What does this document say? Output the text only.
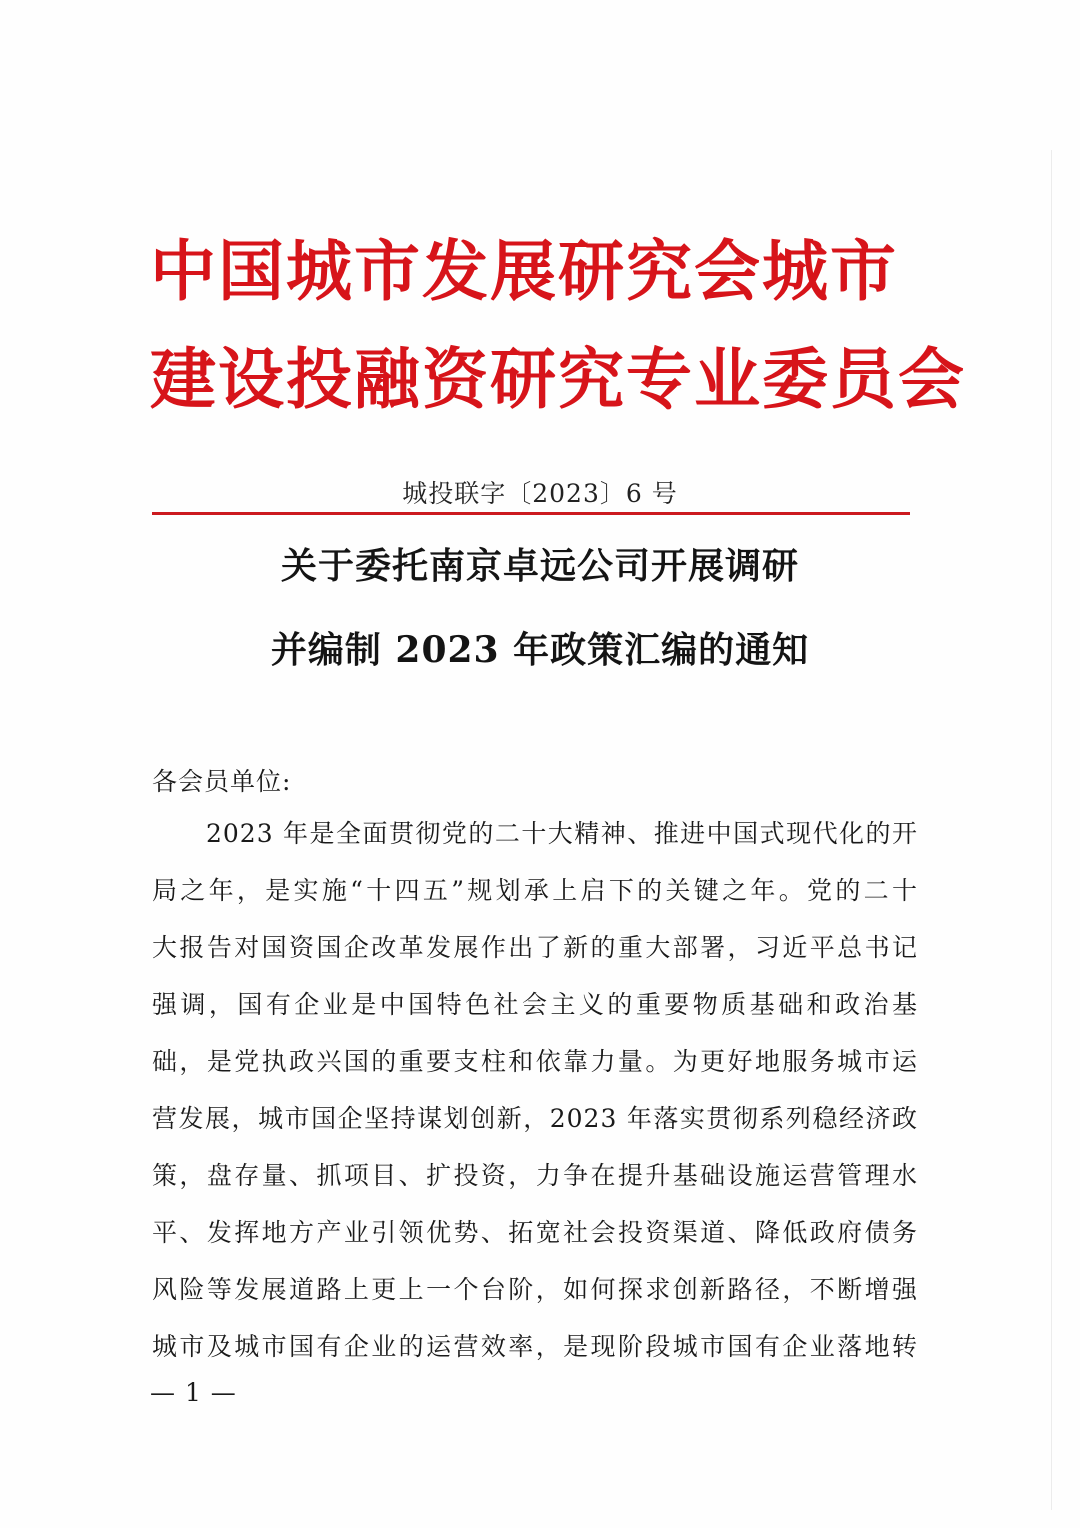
中国城市发展研究会城市
建设投融资研究专业委员会
城投联字〔2023〕6 号
关于委托南京卓远公司开展调研
并编制 2023 年政策汇编的通知
各会员单位:
2023 年是全面贯彻党的二十大精神、推进中国式现代化的开
局之年，是实施“十四五”规划承上启下的关键之年。党的二十
大报告对国资国企改革发展作出了新的重大部署，习近平总书记
强调，国有企业是中国特色社会主义的重要物质基础和政治基
础，是党执政兴国的重要支柱和依靠力量。为更好地服务城市运
营发展，城市国企坚持谋划创新，2023 年落实贯彻系列稳经济政
策，盘存量、抓项目、扩投资，力争在提升基础设施运营管理水
平、发挥地方产业引领优势、拓宽社会投资渠道、降低政府债务
风险等发展道路上更上一个台阶，如何探求创新路径，不断增强
城市及城市国有企业的运营效率，是现阶段城市国有企业落地转
— 1 —
